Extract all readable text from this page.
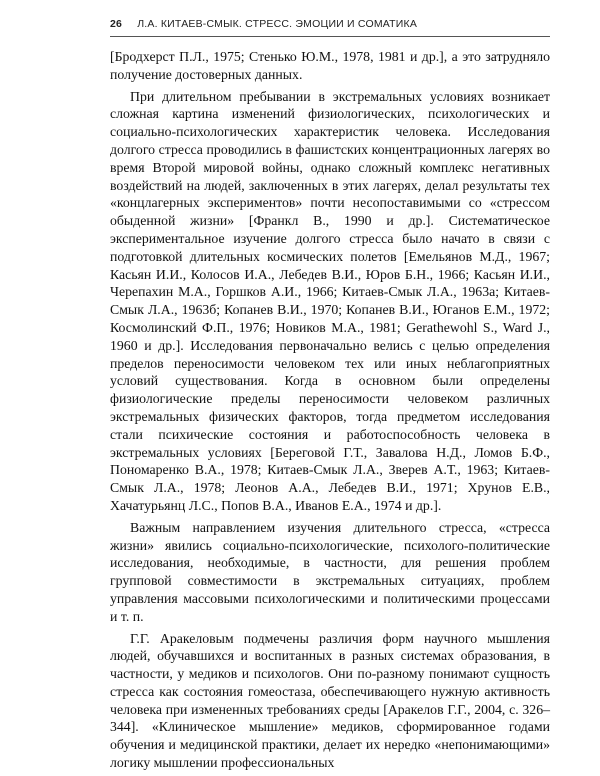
26 Л.А. КИТАЕВ-СМЫК. СТРЕСС. ЭМОЦИИ И СОМАТИКА

[Бродхерст П.Л., 1975; Стенько Ю.М., 1978, 1981 и др.], а это затрудняло получение достоверных данных.

При длительном пребывании в экстремальных условиях возникает сложная картина изменений физиологических, психологических и социально-психологических характеристик человека. Исследования долгого стресса проводились в фашистских концентрационных лагерях во время Второй мировой войны, однако сложный комплекс негативных воздействий на людей, заключенных в этих лагерях, делал результаты тех «концлагерных экспериментов» почти несопоставимыми со «стрессом обыденной жизни» [Франкл В., 1990 и др.]. Систематическое экспериментальное изучение долгого стресса было начато в связи с подготовкой длительных космических полетов [Емельянов М.Д., 1967; Касьян И.И., Колосов И.А., Лебедев В.И., Юров Б.Н., 1966; Касьян И.И., Черепахин М.А., Горшков А.И., 1966; Китаев-Смык Л.А., 1963а; Китаев-Смык Л.А., 1963б; Копанев В.И., 1970; Копанев В.И., Юганов Е.М., 1972; Космолинский Ф.П., 1976; Новиков М.А., 1981; Gerathewohl S., Ward J., 1960 и др.]. Исследования первоначально велись с целью определения пределов переносимости человеком тех или иных неблагоприятных условий существования. Когда в основном были определены физиологические пределы переносимости человеком различных экстремальных физических факторов, тогда предметом исследования стали психические состояния и работоспособность человека в экстремальных условиях [Береговой Г.Т., Завалова Н.Д., Ломов Б.Ф., Пономаренко В.А., 1978; Китаев-Смык Л.А., Зверев А.Т., 1963; Китаев-Смык Л.А., 1978; Леонов А.А., Лебедев В.И., 1971; Хрунов Е.В., Хачатурьянц Л.С., Попов В.А., Иванов Е.А., 1974 и др.].

Важным направлением изучения длительного стресса, «стресса жизни» явились социально-психологические, психолого-политические исследования, необходимые, в частности, для решения проблем групповой совместимости в экстремальных ситуациях, проблем управления массовыми психологическими и политическими процессами и т. п.

Г.Г. Аракеловым подмечены различия форм научного мышления людей, обучавшихся и воспитанных в разных системах образования, в частности, у медиков и психологов. Они по-разному понимают сущность стресса как состояния гомеостаза, обеспечивающего нужную активность человека при измененных требованиях среды [Аракелов Г.Г., 2004, с. 326–344]. «Клиническое мышление» медиков, сформированное годами обучения и медицинской практики, делает их нередко «непонимающими» логику мышлении профессиональных
